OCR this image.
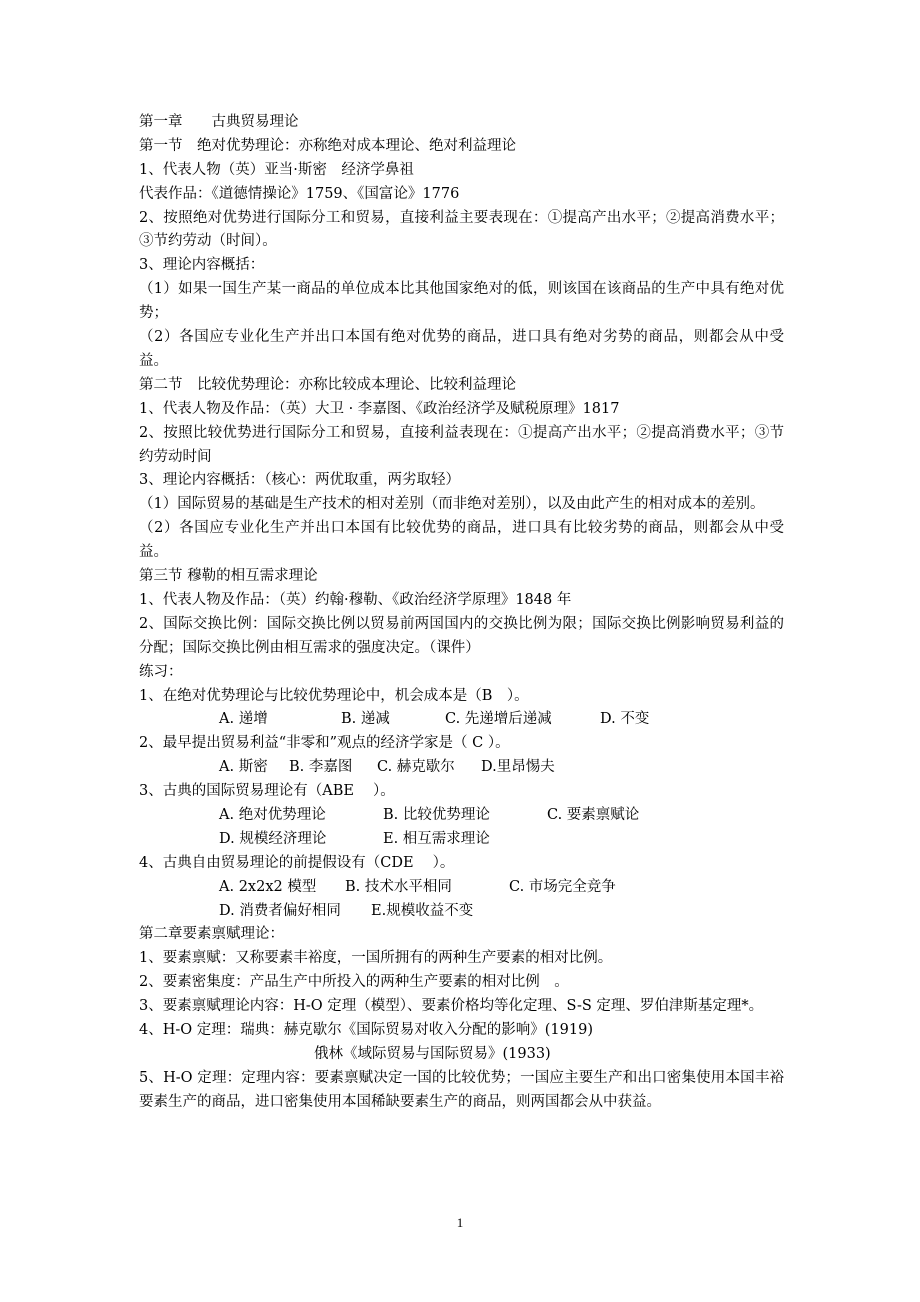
第一章　　古典贸易理论
第一节　绝对优势理论：亦称绝对成本理论、绝对利益理论
1、代表人物（英）亚当·斯密　经济学鼻祖
代表作品：《道德情操论》1759、《国富论》1776
2、按照绝对优势进行国际分工和贸易，直接利益主要表现在：①提高产出水平；②提高消费水平；③节约劳动（时间）。
3、理论内容概括：
（1）如果一国生产某一商品的单位成本比其他国家绝对的低，则该国在该商品的生产中具有绝对优势；
（2）各国应专业化生产并出口本国有绝对优势的商品，进口具有绝对劣势的商品，则都会从中受益。
第二节　比较优势理论：亦称比较成本理论、比较利益理论
1、代表人物及作品：（英）大卫 · 李嘉图、《政治经济学及赋税原理》1817
2、按照比较优势进行国际分工和贸易，直接利益表现在：①提高产出水平；②提高消费水平；③节约劳动时间
3、理论内容概括：（核心：两优取重，两劣取轻）
（1）国际贸易的基础是生产技术的相对差别（而非绝对差别），以及由此产生的相对成本的差别。
（2）各国应专业化生产并出口本国有比较优势的商品，进口具有比较劣势的商品，则都会从中受益。
第三节 穆勒的相互需求理论
1、代表人物及作品：（英）约翰·穆勒、《政治经济学原理》1848 年
2、国际交换比例：国际交换比例以贸易前两国国内的交换比例为限；国际交换比例影响贸易利益的分配；国际交换比例由相互需求的强度决定。（课件）
练习：
1、在绝对优势理论与比较优势理论中，机会成本是（B　）。
A. 递增	B. 递减	C. 先递增后递减	D. 不变
2、最早提出贸易利益“非零和”观点的经济学家是（ C ）。
A. 斯密 B. 李嘉图 C. 赫克歇尔 D.里昂惕夫
3、古典的国际贸易理论有（ABE　 ）。
A. 绝对优势理论	B. 比较优势理论	C. 要素禀赋论
D. 规模经济理论	E. 相互需求理论
4、古典自由贸易理论的前提假设有（CDE　 ）。
A. 2x2x2 模型 B. 技术水平相同	C. 市场完全竞争
D. 消费者偏好相同 E.规模收益不变
第二章要素禀赋理论：
1、要素禀赋：又称要素丰裕度，一国所拥有的两种生产要素的相对比例。
2、要素密集度：产品生产中所投入的两种生产要素的相对比例　。
3、要素禀赋理论内容：H-O 定理（模型）、要素价格均等化定理、S-S 定理、罗伯津斯基定理*。
4、H-O 定理：瑞典：赫克歇尔《国际贸易对收入分配的影响》(1919)
俄林《域际贸易与国际贸易》(1933)
5、H-O 定理：定理内容：要素禀赋决定一国的比较优势；一国应主要生产和出口密集使用本国丰裕要素生产的商品，进口密集使用本国稀缺要素生产的商品，则两国都会从中获益。
1
